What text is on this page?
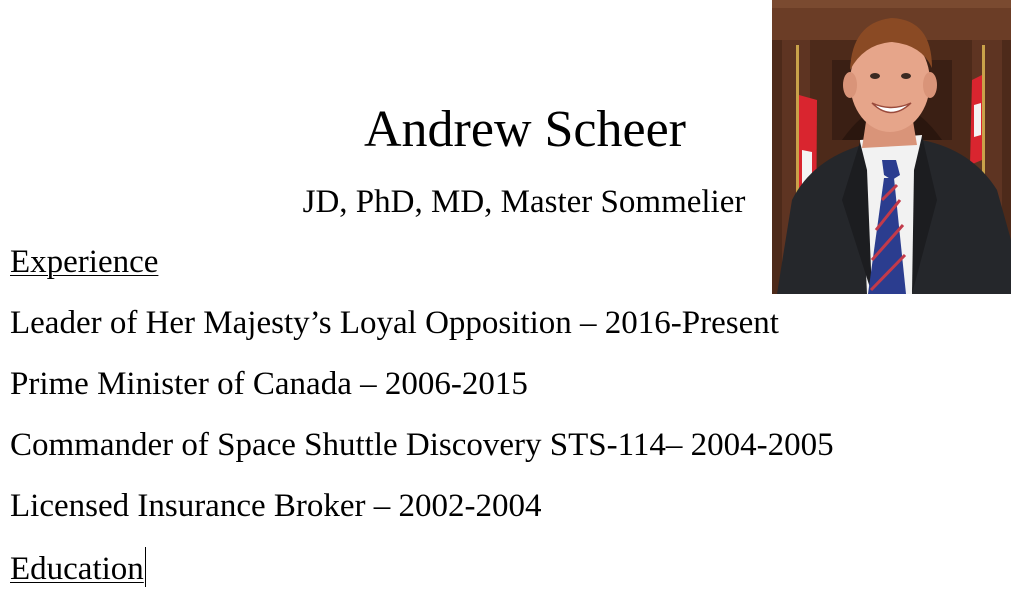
Andrew Scheer
JD, PhD, MD, Master Sommelier
Experience
Leader of Her Majesty’s Loyal Opposition – 2016-Present
Prime Minister of Canada – 2006-2015
Commander of Space Shuttle Discovery STS-114– 2004-2005
Licensed Insurance Broker – 2002-2004
Education
